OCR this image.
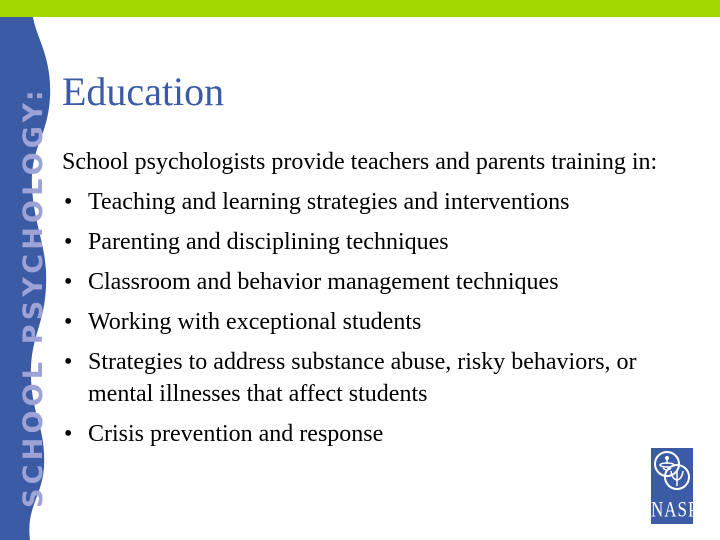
SCHOOL PSYCHOLOGY: Education

School psychologists provide teachers and parents training in:

• Teaching and learning strategies and interventions
• Parenting and disciplining techniques
• Classroom and behavior management techniques
• Working with exceptional students
• Strategies to address substance abuse, risky behaviors, or mental illnesses that affect students
• Crisis prevention and response
NASP
